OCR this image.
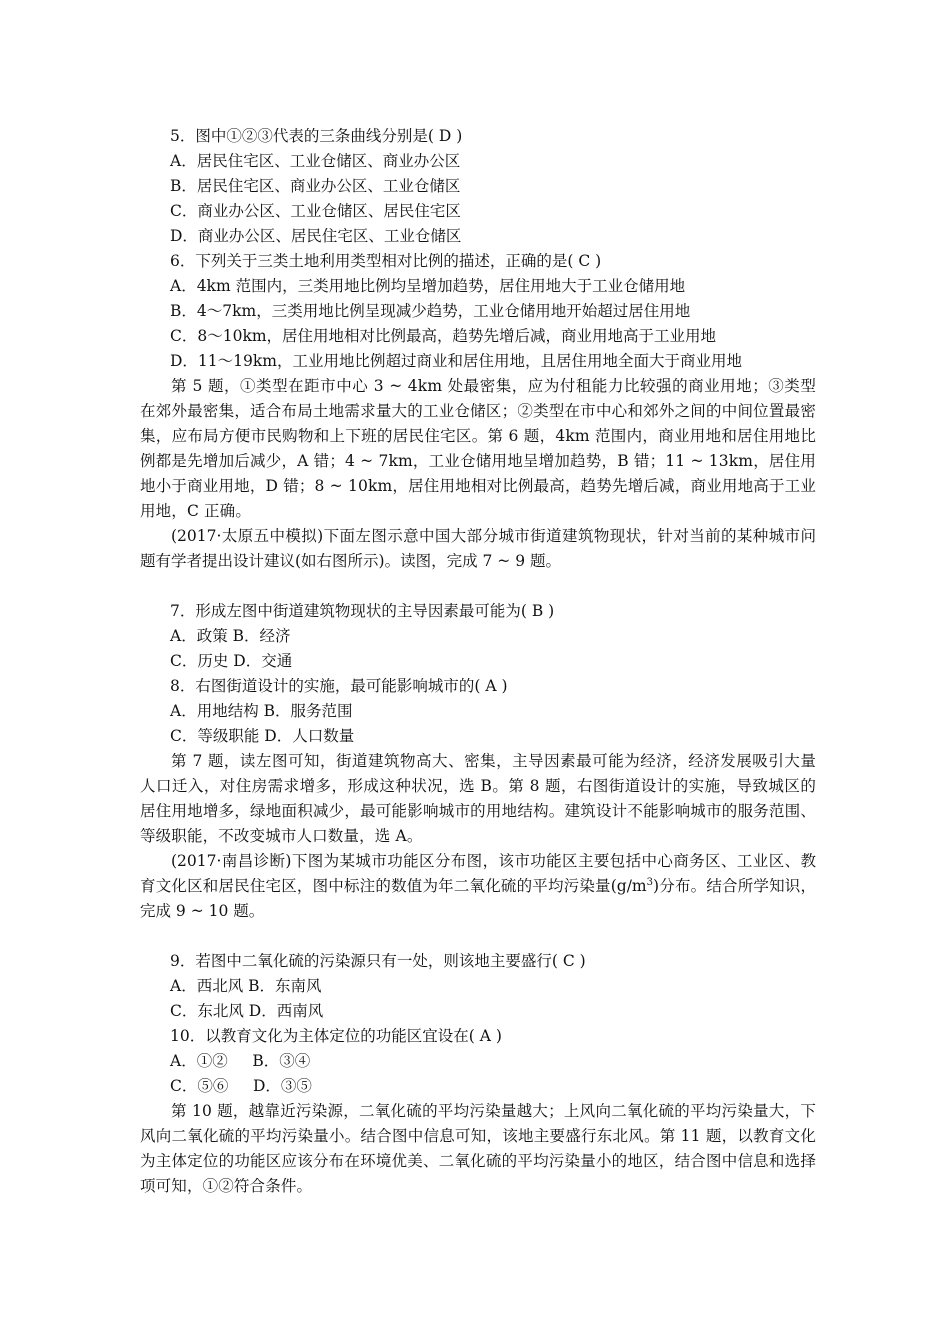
5．图中①②③代表的三条曲线分别是( D )
A．居民住宅区、工业仓储区、商业办公区
B．居民住宅区、商业办公区、工业仓储区
C．商业办公区、工业仓储区、居民住宅区
D．商业办公区、居民住宅区、工业仓储区
6．下列关于三类土地利用类型相对比例的描述，正确的是( C )
A．4km 范围内，三类用地比例均呈增加趋势，居住用地大于工业仓储用地
B．4～7km，三类用地比例呈现减少趋势，工业仓储用地开始超过居住用地
C．8～10km，居住用地相对比例最高，趋势先增后减，商业用地高于工业用地
D．11～19km，工业用地比例超过商业和居住用地，且居住用地全面大于商业用地
第 5 题，①类型在距市中心 3 ~ 4km 处最密集，应为付租能力比较强的商业用地；③类型在郊外最密集，适合布局土地需求量大的工业仓储区；②类型在市中心和郊外之间的中间位置最密集，应布局方便市民购物和上下班的居民住宅区。第 6 题，4km 范围内，商业用地和居住用地比例都是先增加后减少，A 错；4 ~ 7km，工业仓储用地呈增加趋势，B 错；11 ~ 13km，居住用地小于商业用地，D 错；8 ~ 10km，居住用地相对比例最高，趋势先增后减，商业用地高于工业用地，C 正确。
(2017·太原五中模拟)下面左图示意中国大部分城市街道建筑物现状，针对当前的某种城市问题有学者提出设计建议(如右图所示)。读图，完成 7 ~ 9 题。
7．形成左图中街道建筑物现状的主导因素最可能为( B )
A．政策 B．经济
C．历史 D．交通
8．右图街道设计的实施，最可能影响城市的( A )
A．用地结构 B．服务范围
C．等级职能 D．人口数量
第 7 题，读左图可知，街道建筑物高大、密集，主导因素最可能为经济，经济发展吸引大量人口迁入，对住房需求增多，形成这种状况，选 B。第 8 题，右图街道设计的实施，导致城区的居住用地增多，绿地面积减少，最可能影响城市的用地结构。建筑设计不能影响城市的服务范围、等级职能，不改变城市人口数量，选 A。
(2017·南昌诊断)下图为某城市功能区分布图，该市功能区主要包括中心商务区、工业区、教育文化区和居民住宅区，图中标注的数值为年二氧化硫的平均污染量$(g/m^3)$分布。结合所学知识，完成 9 ~ 10 题。
9．若图中二氧化硫的污染源只有一处，则该地主要盛行( C )
A．西北风 B．东南风
C．东北风 D．西南风
10．以教育文化为主体定位的功能区宜设在( A )
A．①②     B．③④
C．⑤⑥     D．③⑤
第 10 题，越靠近污染源，二氧化硫的平均污染量越大；上风向二氧化硫的平均污染量大，下风向二氧化硫的平均污染量小。结合图中信息可知，该地主要盛行东北风。第 11 题，以教育文化为主体定位的功能区应该分布在环境优美、二氧化硫的平均污染量小的地区，结合图中信息和选择项可知，①②符合条件。
